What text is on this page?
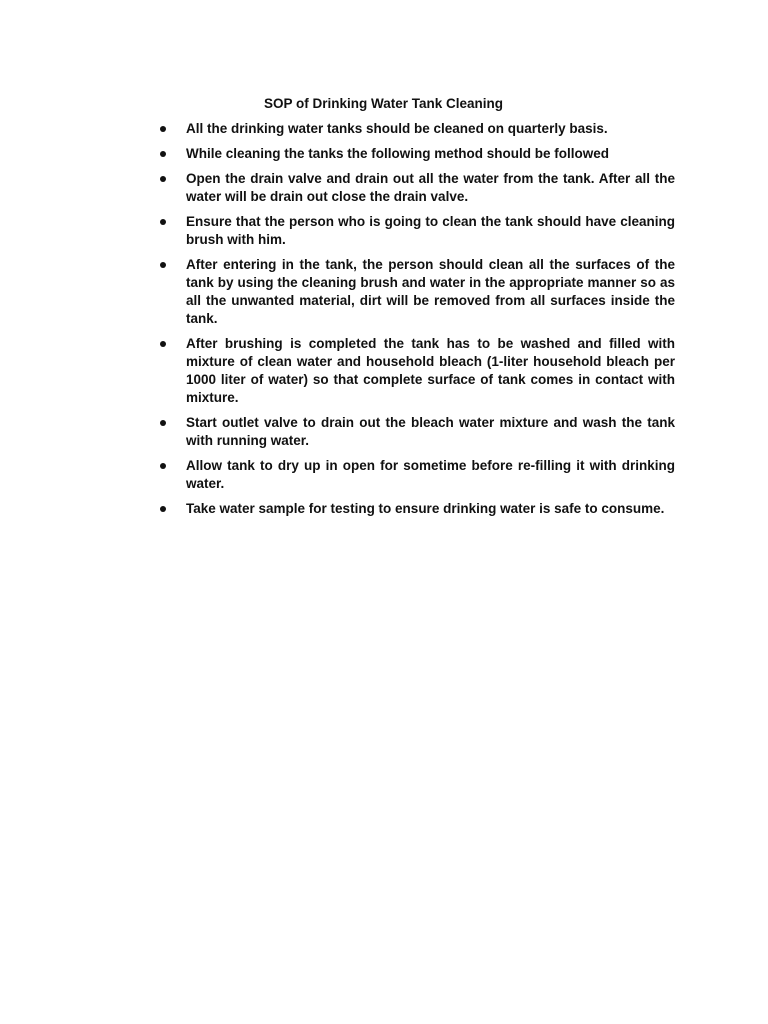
SOP of Drinking Water Tank Cleaning
All the drinking water tanks should be cleaned on quarterly basis.
While cleaning the tanks the following method should be followed
Open the drain valve and drain out all the water from the tank. After all the water will be drain out close the drain valve.
Ensure that the person who is going to clean the tank should have cleaning brush with him.
After entering in the tank, the person should clean all the surfaces of the tank by using the cleaning brush and water in the appropriate manner so as all the unwanted material, dirt will be removed from all surfaces inside the tank.
After brushing is completed the tank has to be washed and filled with mixture of clean water and household bleach (1-liter household bleach per 1000 liter of water) so that complete surface of tank comes in contact with mixture.
Start outlet valve to drain out the bleach water mixture and wash the tank with running water.
Allow tank to dry up in open for sometime before re-filling it with drinking water.
Take water sample for testing to ensure drinking water is safe to consume.
